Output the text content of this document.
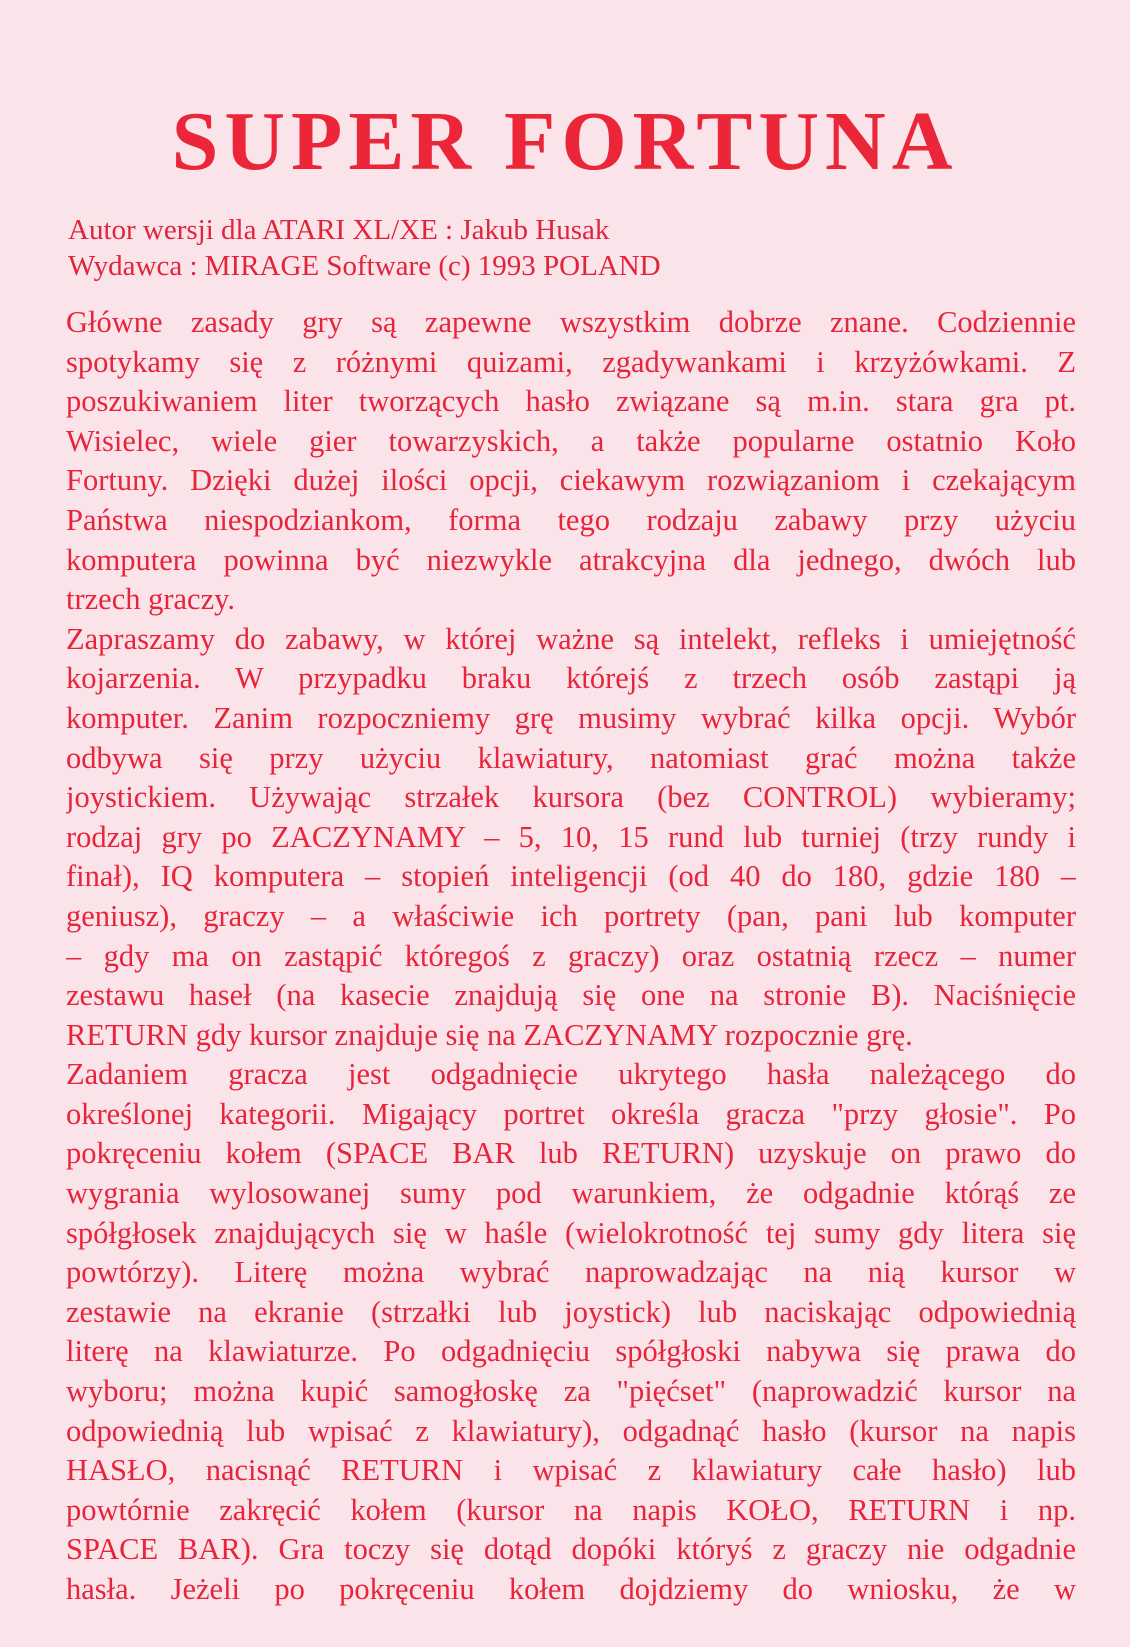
SUPER FORTUNA
Autor wersji dla ATARI XL/XE : Jakub Husak
Wydawca : MIRAGE Software (c) 1993 POLAND
Główne zasady gry są zapewne wszystkim dobrze znane. Codziennie
spotykamy się z różnymi quizami, zgadywankami i krzyżówkami. Z
poszukiwaniem liter tworzących hasło związane są m.in. stara gra pt.
Wisielec, wiele gier towarzyskich, a także popularne ostatnio Koło
Fortuny. Dzięki dużej ilości opcji, ciekawym rozwiązaniom i czekającym
Państwa niespodziankom, forma tego rodzaju zabawy przy użyciu
komputera powinna być niezwykle atrakcyjna dla jednego, dwóch lub
trzech graczy.
Zapraszamy do zabawy, w której ważne są intelekt, refleks i umiejętność
kojarzenia. W przypadku braku którejś z trzech osób zastąpi ją
komputer. Zanim rozpoczniemy grę musimy wybrać kilka opcji. Wybór
odbywa się przy użyciu klawiatury, natomiast grać można także
joystickiem. Używając strzałek kursora (bez CONTROL) wybieramy;
rodzaj gry po ZACZYNAMY – 5, 10, 15 rund lub turniej (trzy rundy i
finał), IQ komputera – stopień inteligencji (od 40 do 180, gdzie 180 –
geniusz), graczy – a właściwie ich portrety (pan, pani lub komputer
– gdy ma on zastąpić któregoś z graczy) oraz ostatnią rzecz – numer
zestawu haseł (na kasecie znajdują się one na stronie B). Naciśnięcie
RETURN gdy kursor znajduje się na ZACZYNAMY rozpocznie grę.
Zadaniem gracza jest odgadnięcie ukrytego hasła należącego do
określonej kategorii. Migający portret określa gracza "przy głosie". Po
pokręceniu kołem (SPACE BAR lub RETURN) uzyskuje on prawo do
wygrania wylosowanej sumy pod warunkiem, że odgadnie którąś ze
spółgłosek znajdujących się w haśle (wielokrotność tej sumy gdy litera się
powtórzy). Literę można wybrać naprowadzając na nią kursor w
zestawie na ekranie (strzałki lub joystick) lub naciskając odpowiednią
literę na klawiaturze. Po odgadnięciu spółgłoski nabywa się prawa do
wyboru; można kupić samogłoskę za "pięćset" (naprowadzić kursor na
odpowiednią lub wpisać z klawiatury), odgadnąć hasło (kursor na napis
HASŁO, nacisnąć RETURN i wpisać z klawiatury całe hasło) lub
powtórnie zakręcić kołem (kursor na napis KOŁO, RETURN i np.
SPACE BAR). Gra toczy się dotąd dopóki któryś z graczy nie odgadnie
hasła. Jeżeli po pokręceniu kołem dojdziemy do wniosku, że w
